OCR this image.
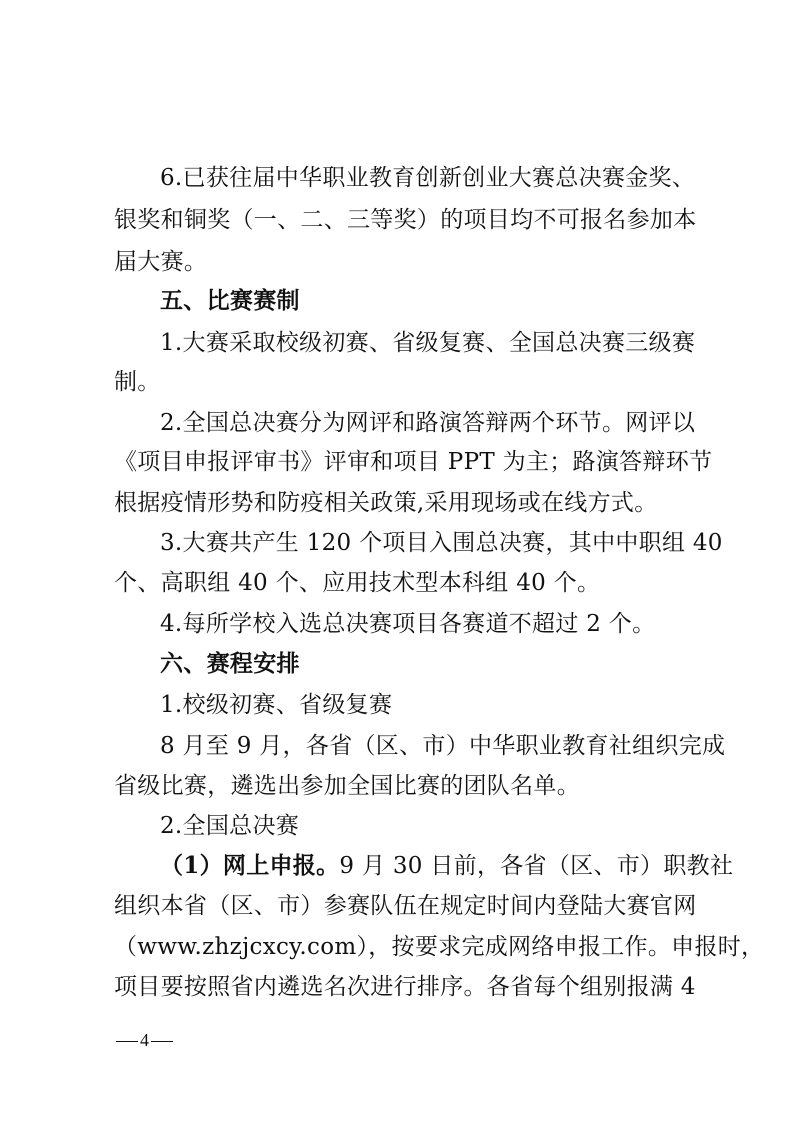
6.已获往届中华职业教育创新创业大赛总决赛金奖、
银奖和铜奖（一、二、三等奖）的项目均不可报名参加本
届大赛。
五、比赛赛制
1.大赛采取校级初赛、省级复赛、全国总决赛三级赛
制。
2.全国总决赛分为网评和路演答辩两个环节。网评以
《项目申报评审书》评审和项目 PPT 为主；路演答辩环节
根据疫情形势和防疫相关政策,采用现场或在线方式。
3.大赛共产生 120 个项目入围总决赛，其中中职组 40
个、高职组 40 个、应用技术型本科组 40 个。
4.每所学校入选总决赛项目各赛道不超过 2 个。
六、赛程安排
1.校级初赛、省级复赛
8 月至 9 月，各省（区、市）中华职业教育社组织完成
省级比赛，遴选出参加全国比赛的团队名单。
2.全国总决赛
（1）网上申报。9 月 30 日前，各省（区、市）职教社
组织本省（区、市）参赛队伍在规定时间内登陆大赛官网
（www.zhzjcxcy.com），按要求完成网络申报工作。申报时，
项目要按照省内遴选名次进行排序。各省每个组别报满 4
4
